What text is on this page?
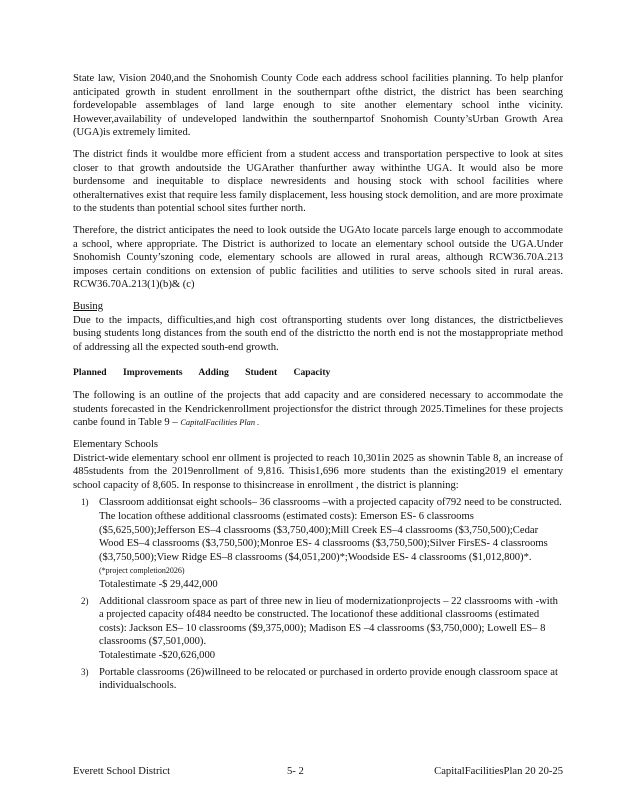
State law, Vision 2040,and the Snohomish County Code each address school facilities planning. To help planfor anticipated growth in student enrollment in the southernpart ofthe district, the district has been searching fordevelopable assemblages of land large enough to site another elementary school inthe vicinity. However,availability of undeveloped landwithin the southernpartof Snohomish County’sUrban Growth Area (UGA)is extremely limited.

The district finds it wouldbe more efficient from a student access and transportation perspective to look at sites closer to that growth andoutside the UGArather thanfurther away withinthe UGA. It would also be more burdensome and inequitable to displace newresidents and housing stock with school facilities where otheralternatives exist that require less family displacement, less housing stock demolition, and are more proximate to the students than potential school sites further north.

Therefore, the district anticipates the need to look outside the UGAto locate parcels large enough to accommodate a school, where appropriate. The District is authorized to locate an elementary school outside the UGA.Under Snohomish County’szoning code, elementary schools are allowed in rural areas, although RCW36.70A.213 imposes certain conditions on extension of public facilities and utilities to serve schools sited in rural areas. RCW36.70A.213(1)(b)& (c)

Busing

Due to the impacts, difficulties,and high cost oftransporting students over long distances, the districtbelieves busing students long distances from the south end of the districtto the north end is not the mostappropriate method of addressing all the expected south-end growth.

Planned Improvements Adding Student Capacity

The following is an outline of the projects that add capacity and are considered necessary to accommodate the students forecasted in the Kendrickenrollment projectionsfor the district through 2025.Timelines for these projects canbe found in Table 9 – CapitalFacilities Plan .

Elementary Schools

District-wide elementary school enr ollment is projected to reach 10,301in 2025 as shownin Table 8, an increase of 485students from the 2019enrollment of 9,816. Thisis1,696 more students than the existing2019 el ementary school capacity of 8,605. In response to thisincrease in enrollment , the district is planning:

1) Classroom additionsat eight schools– 36 classrooms –with a projected capacity of792 need to be constructed. The location ofthese additional classrooms (estimated costs): Emerson ES- 6 classrooms ($5,625,500);Jefferson ES–4 classrooms ($3,750,400);Mill Creek ES–4 classrooms ($3,750,500);Cedar Wood ES–4 classrooms ($3,750,500);Monroe ES- 4 classrooms ($3,750,500);Silver FirsES- 4 classrooms ($3,750,500);View Ridge ES–8 classrooms ($4,051,200)*;Woodside ES- 4 classrooms ($1,012,800)*. (*project completion2026)
Totalestimate -$ 29,442,000
2) Additional classroom space as part of three new in lieu of modernizationprojects – 22 classrooms with -with a projected capacity of484 needto be constructed. The locationof these additional classrooms (estimated costs): Jackson ES– 10 classrooms ($9,375,000); Madison ES –4 classrooms ($3,750,000); Lowell ES– 8 classrooms ($7,501,000).
Totalestimate -$20,626,000
3) Portable classrooms (26)willneed to be relocated or purchased in orderto provide enough classroom space at individualschools.
Everett School District	5- 2	CapitalFacilitiesPlan 20 20-25
